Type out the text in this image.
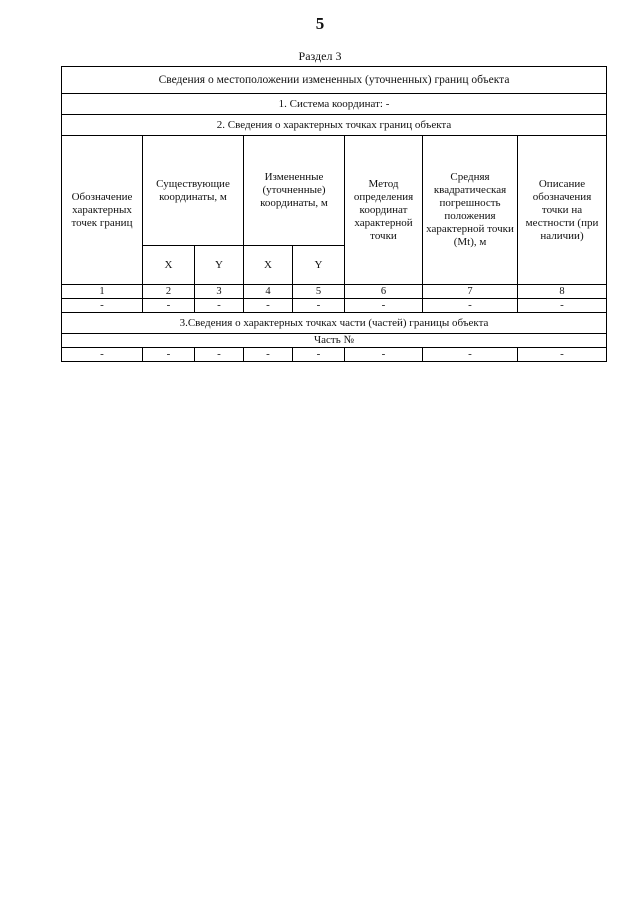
5
Раздел 3
Сведения о местоположении измененных (уточненных) границ объекта							
1. Система координат: -							
2. Сведения о характерных точках границ объекта							
Обозначение характерных точек границ	Существующие координаты, м		Измененные (уточненные) координаты, м		Метод определения координат характерной точки	Средняя квадратическая погрешность положения характерной точки (Mt), м	Описание обозначения точки на местности (при наличии)
	X	Y	X	Y			
1	2	3	4	5	6	7	8
-	-	-	-	-	-	-	-
3.Сведения о характерных точках части (частей) границы объекта							
Часть №							
-	-	-	-	-	-	-	-
